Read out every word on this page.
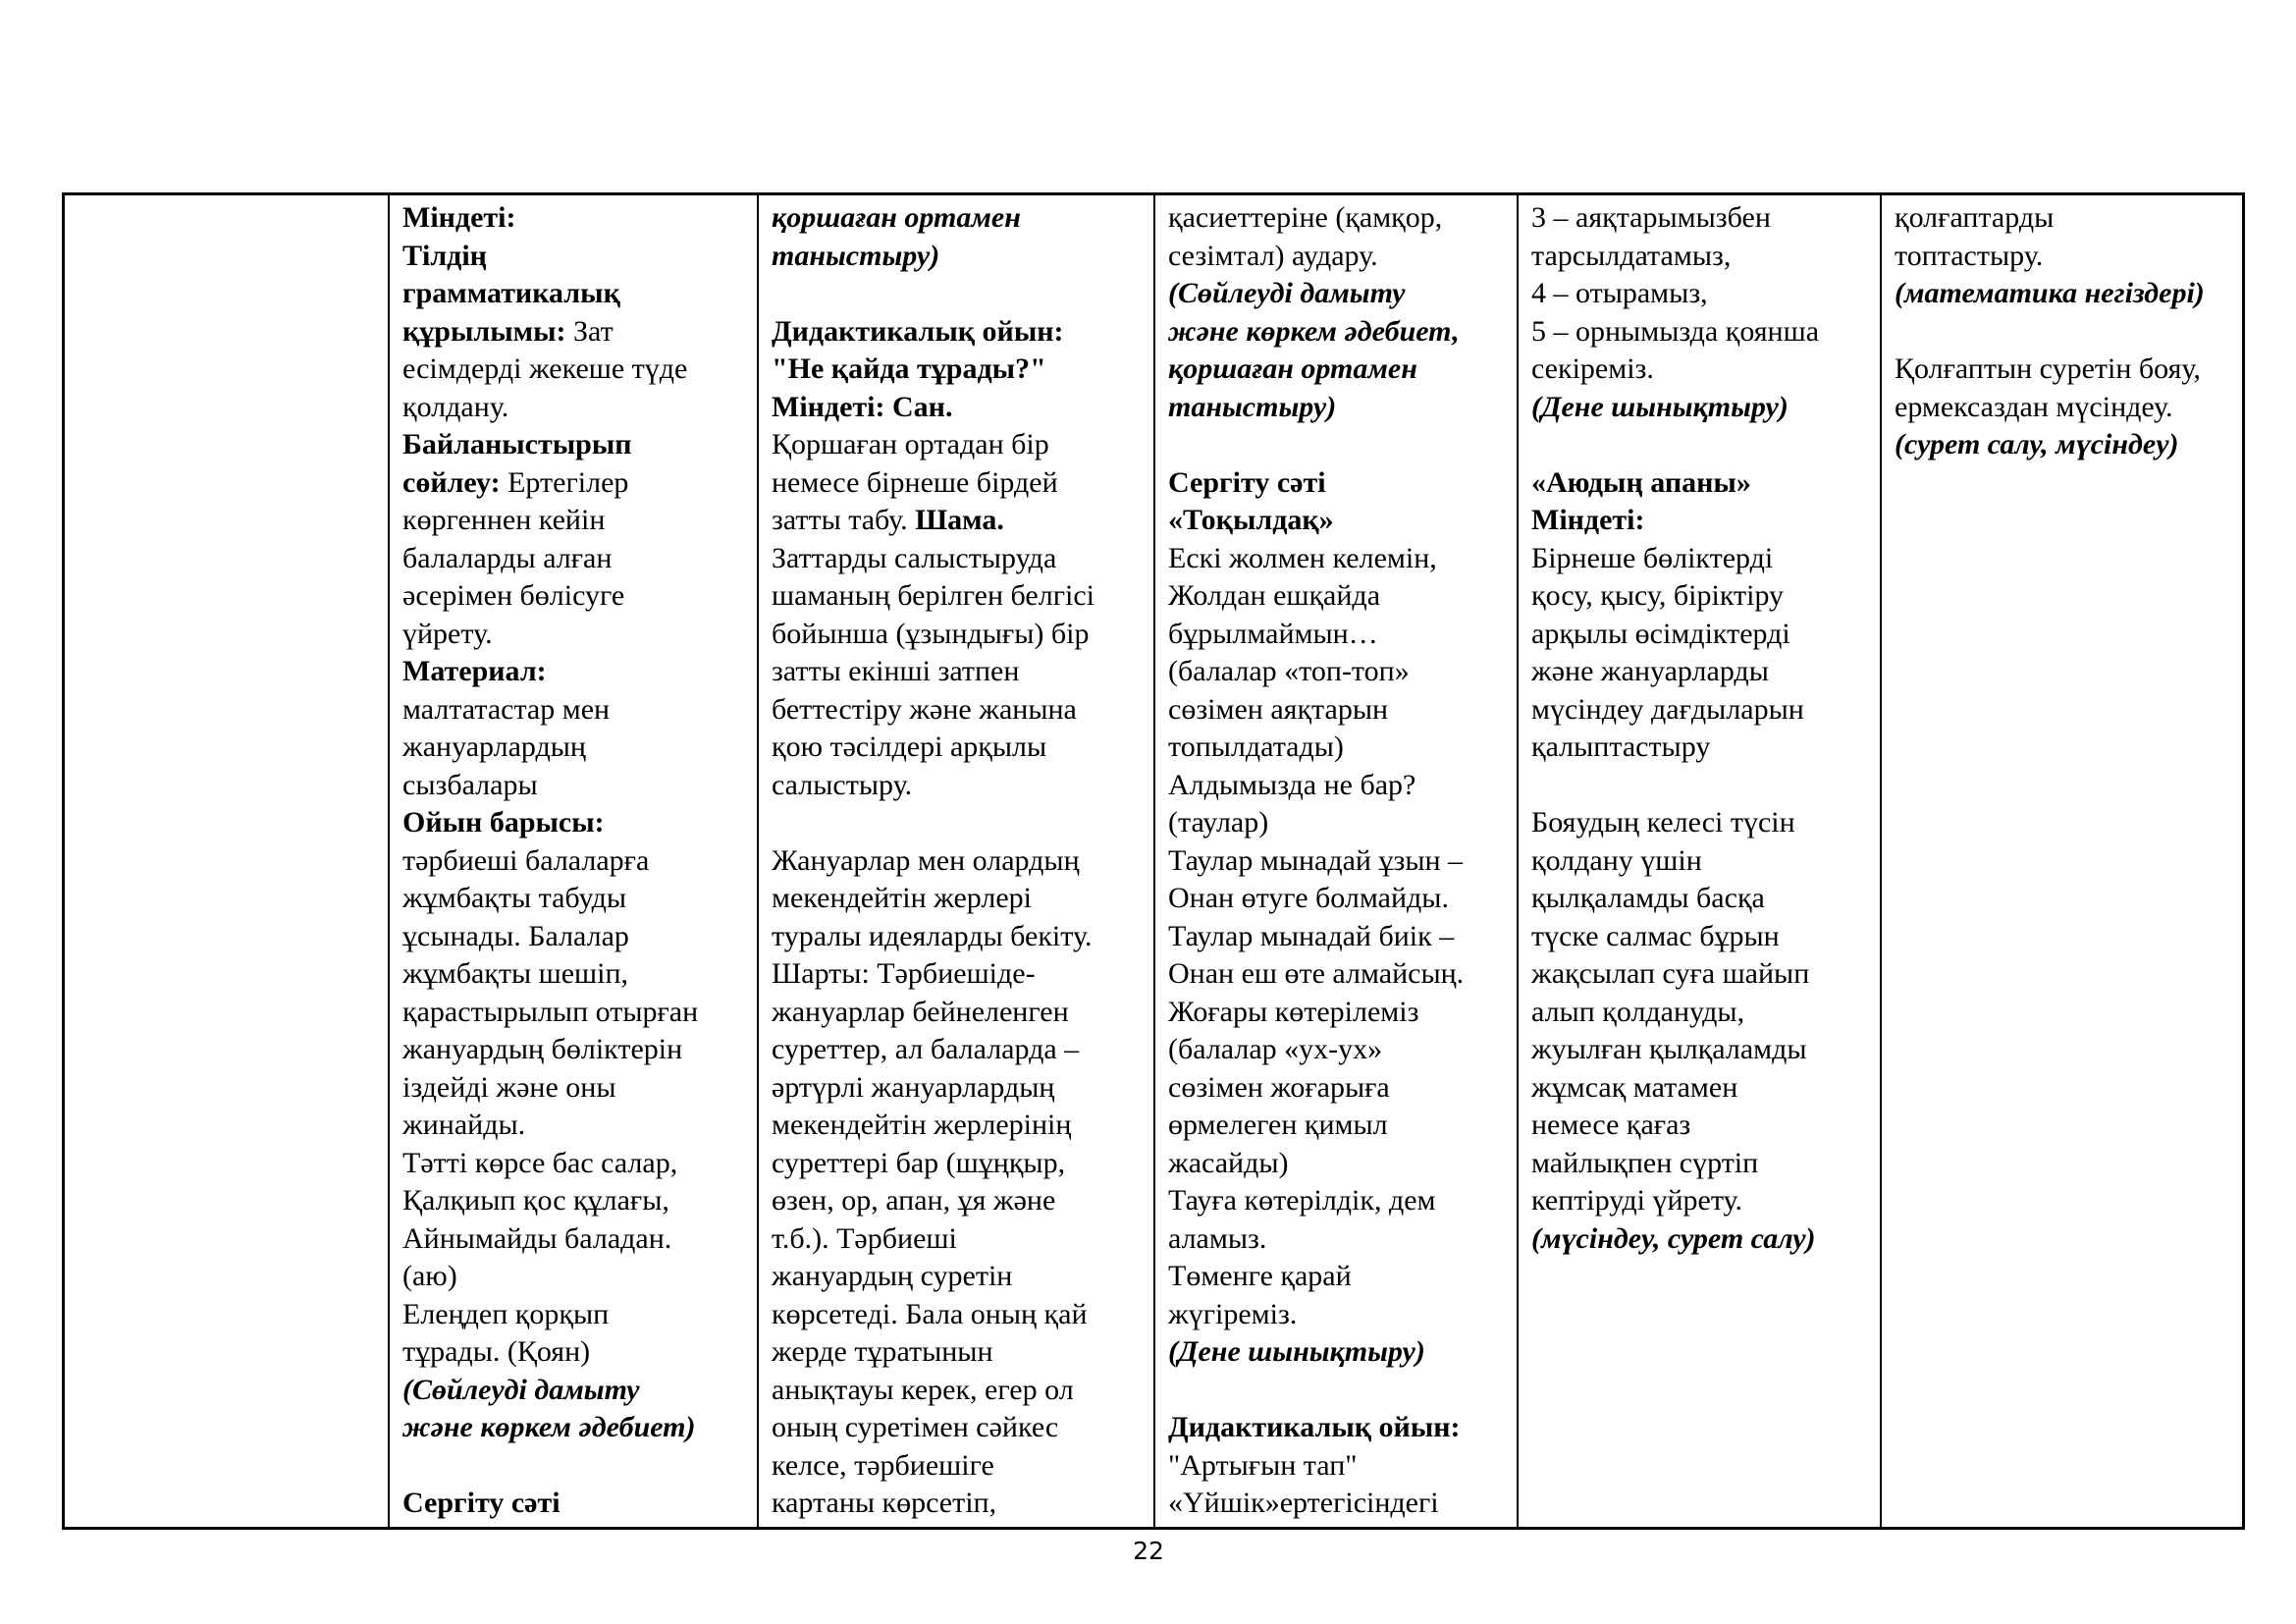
Міндеті:
Тілдің
грамматикалық
құрылымы: Зат
есімдерді жекеше түде
қолдану.
Байланыстырып
сөйлеу: Ертегілер
көргеннен кейін
балаларды алған
әсерімен бөлісуге
үйрету.
Материал:
малтатастар мен
жануарлардың
сызбалары
Ойын барысы:
тәрбиеші балаларға
жұмбақты табуды
ұсынады. Балалар
жұмбақты шешіп,
қарастырылып отырған
жануардың бөліктерін
іздейді және оны
жинайды.
Тәтті көрсе бас салар,
Қалқиып қос құлағы,
Айнымайды баладан.
(аю)
Елеңдеп қорқып
тұрады. (Қоян)
(Сөйлеуді дамыту
және көркем әдебиет)
Сергіту сәті
қоршаған ортамен
таныстыру)
Дидактикалық ойын:
"Не қайда тұрады?"
Міндеті: Сан.
Қоршаған ортадан бір
немесе бірнеше бірдей
затты табу. Шама.
Заттарды салыстыруда
шаманың берілген белгісі
бойынша (ұзындығы) бір
затты екінші затпен
беттестіру және жанына
қою тәсілдері арқылы
салыстыру.
Жануарлар мен олардың
мекендейтін жерлері
туралы идеяларды бекіту.
Шарты: Тәрбиешіде-
жануарлар бейнеленген
суреттер, ал балаларда –
әртүрлі жануарлардың
мекендейтін жерлерінің
суреттері бар (шұңқыр,
өзен, ор, апан, ұя және
т.б.). Тәрбиеші
жануардың суретін
көрсетеді. Бала оның қай
жерде тұратынын
анықтауы керек, егер ол
оның суретімен сәйкес
келсе, тәрбиешіге
картаны көрсетіп,
қасиеттеріне (қамқор,
сезімтал) аудару.
(Сөйлеуді дамыту
және көркем әдебиет,
қоршаған ортамен
таныстыру)
Сергіту сәті
«Тоқылдақ»
Ескі жолмен келемін,
Жолдан ешқайда
бұрылмаймын…
(балалар «топ-топ»
сөзімен аяқтарын
топылдатады)
Алдымызда не бар?
(таулар)
Таулар мынадай ұзын –
Онан өтуге болмайды.
Таулар мынадай биік –
Онан еш өте алмайсың.
Жоғары көтерілеміз
(балалар «ух-ух»
сөзімен жоғарыға
өрмелеген қимыл
жасайды)
Тауға көтерілдік, дем
аламыз.
Төменге қарай
жүгіреміз.
(Дене шынықтыру)
Дидактикалық ойын:
"Артығын тап"
«Үйшік»ертегісіндегі
3 – аяқтарымызбен
тарсылдатамыз,
4 – отырамыз,
5 – орнымызда қоянша
секіреміз.
(Дене шынықтыру)
«Аюдың апаны»
Міндеті:
Бірнеше бөліктерді
қосу, қысу, біріктіру
арқылы өсімдіктерді
және жануарларды
мүсіндеу дағдыларын
қалыптастыру
Бояудың келесі түсін
қолдану үшін
қылқаламды басқа
түске салмас бұрын
жақсылап суға шайып
алып қолдануды,
жуылған қылқаламды
жұмсақ матамен
немесе қағаз
майлықпен сүртіп
кептіруді үйрету.
(мүсіндеу, сурет салу)
қолғаптарды
топтастыру.
(математика негіздері)
Қолғаптын суретін бояу,
ермексаздан мүсіндеу.
(сурет салу, мүсіндеу)
22
